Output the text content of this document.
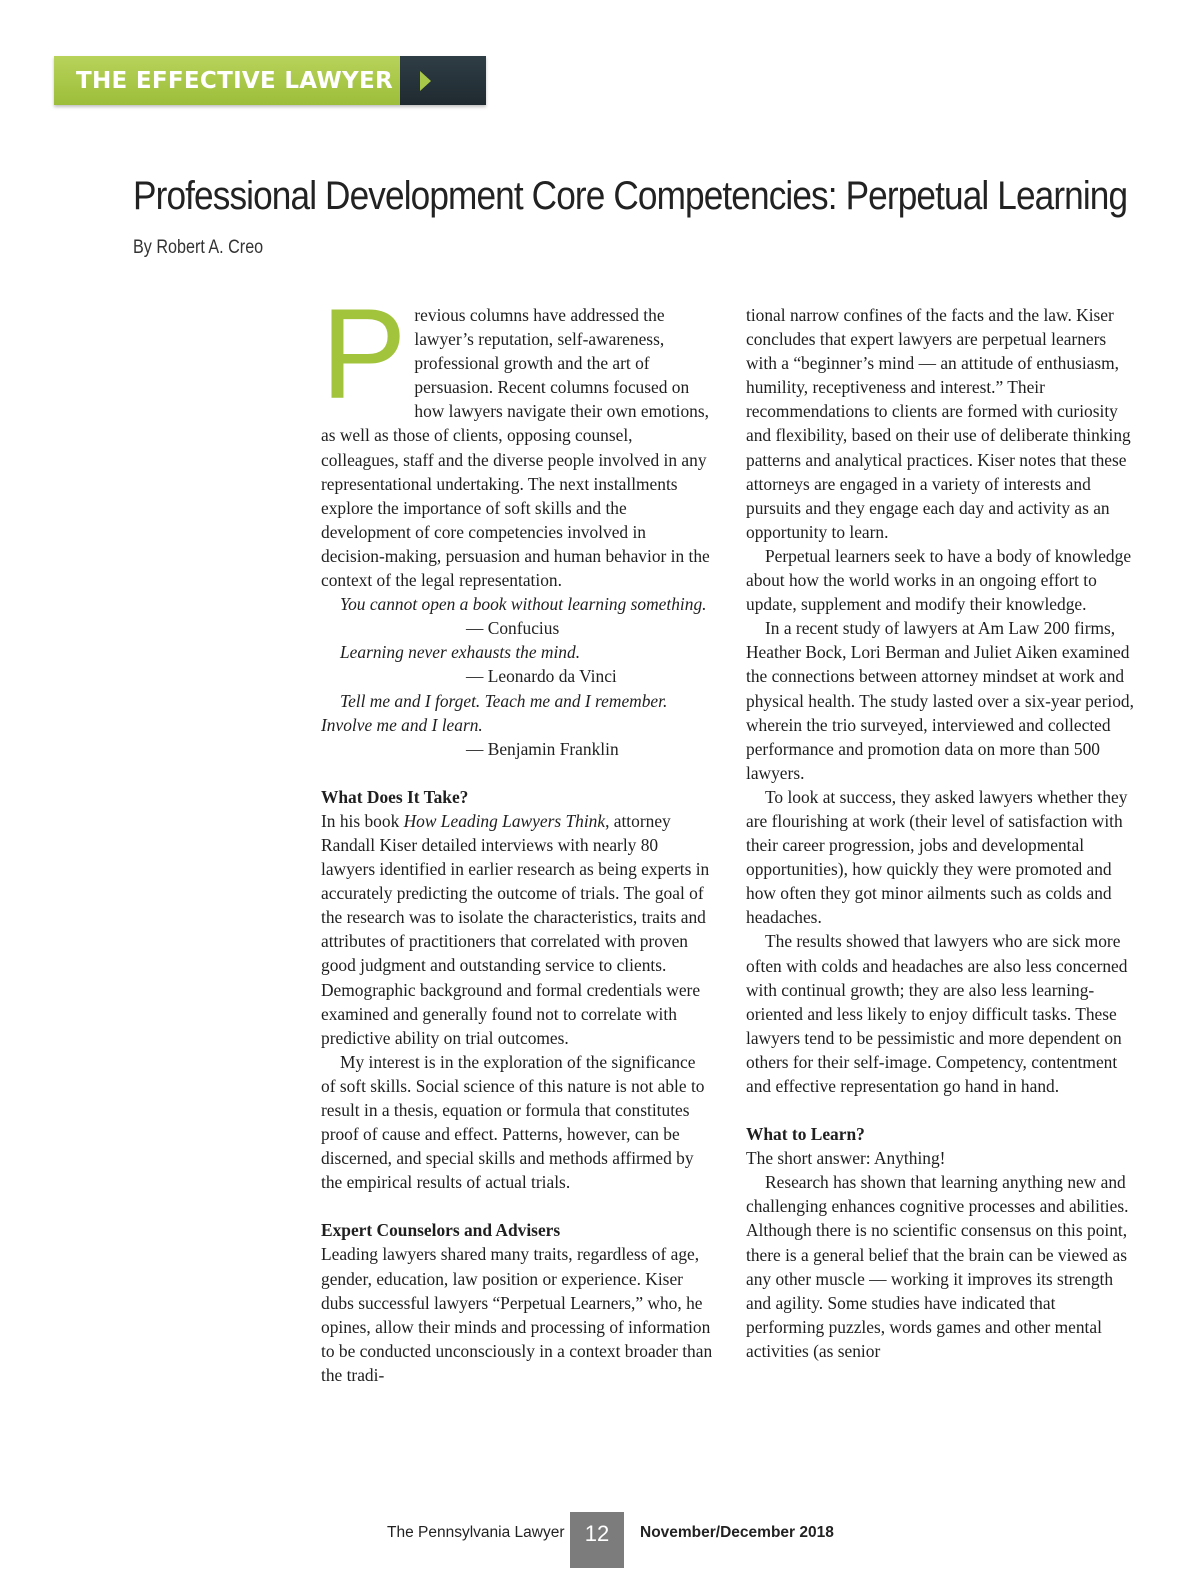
THE EFFECTIVE LAWYER
Professional Development Core Competencies: Perpetual Learning
By Robert A. Creo

Previous columns have addressed the lawyer’s reputation, self-awareness, professional growth and the art of persuasion. Recent columns focused on how lawyers navigate their own emotions, as well as those of clients, opposing counsel, colleagues, staff and the diverse people involved in any representational undertaking. The next installments explore the importance of soft skills and the development of core competencies involved in decision-making, persuasion and human behavior in the context of the legal representation.

You cannot open a book without learning something.

— Confucius

Learning never exhausts the mind.

— Leonardo da Vinci

Tell me and I forget. Teach me and I remember. Involve me and I learn.

— Benjamin Franklin

What Does It Take?

In his book How Leading Lawyers Think, attorney Randall Kiser detailed interviews with nearly 80 lawyers identified in earlier research as being experts in accurately predicting the outcome of trials. The goal of the research was to isolate the characteristics, traits and attributes of practitioners that correlated with proven good judgment and outstanding service to clients. Demographic background and formal credentials were examined and generally found not to correlate with predictive ability on trial outcomes.

My interest is in the exploration of the significance of soft skills. Social science of this nature is not able to result in a thesis, equation or formula that constitutes proof of cause and effect. Patterns, however, can be discerned, and special skills and methods affirmed by the empirical results of actual trials.

Expert Counselors and Advisers

Leading lawyers shared many traits, regardless of age, gender, education, law position or experience. Kiser dubs successful lawyers “Perpetual Learners,” who, he opines, allow their minds and processing of information to be conducted unconsciously in a context broader than the tradi-

tional narrow confines of the facts and the law. Kiser concludes that expert lawyers are perpetual learners with a “beginner’s mind — an attitude of enthusiasm, humility, receptiveness and interest.” Their recommendations to clients are formed with curiosity and flexibility, based on their use of deliberate thinking patterns and analytical practices. Kiser notes that these attorneys are engaged in a variety of interests and pursuits and they engage each day and activity as an opportunity to learn.

Perpetual learners seek to have a body of knowledge about how the world works in an ongoing effort to update, supplement and modify their knowledge.

In a recent study of lawyers at Am Law 200 firms, Heather Bock, Lori Berman and Juliet Aiken examined the connections between attorney mindset at work and physical health. The study lasted over a six-year period, wherein the trio surveyed, interviewed and collected performance and promotion data on more than 500 lawyers.

To look at success, they asked lawyers whether they are flourishing at work (their level of satisfaction with their career progression, jobs and developmental opportunities), how quickly they were promoted and how often they got minor ailments such as colds and headaches.

The results showed that lawyers who are sick more often with colds and headaches are also less concerned with continual growth; they are also less learning-oriented and less likely to enjoy difficult tasks. These lawyers tend to be pessimistic and more dependent on others for their self-image. Competency, contentment and effective representation go hand in hand.

What to Learn?

The short answer: Anything!

Research has shown that learning anything new and challenging enhances cognitive processes and abilities. Although there is no scientific consensus on this point, there is a general belief that the brain can be viewed as any other muscle — working it improves its strength and agility. Some studies have indicated that performing puzzles, words games and other mental activities (as senior

The Pennsylvania Lawyer 12	November/December 2018
